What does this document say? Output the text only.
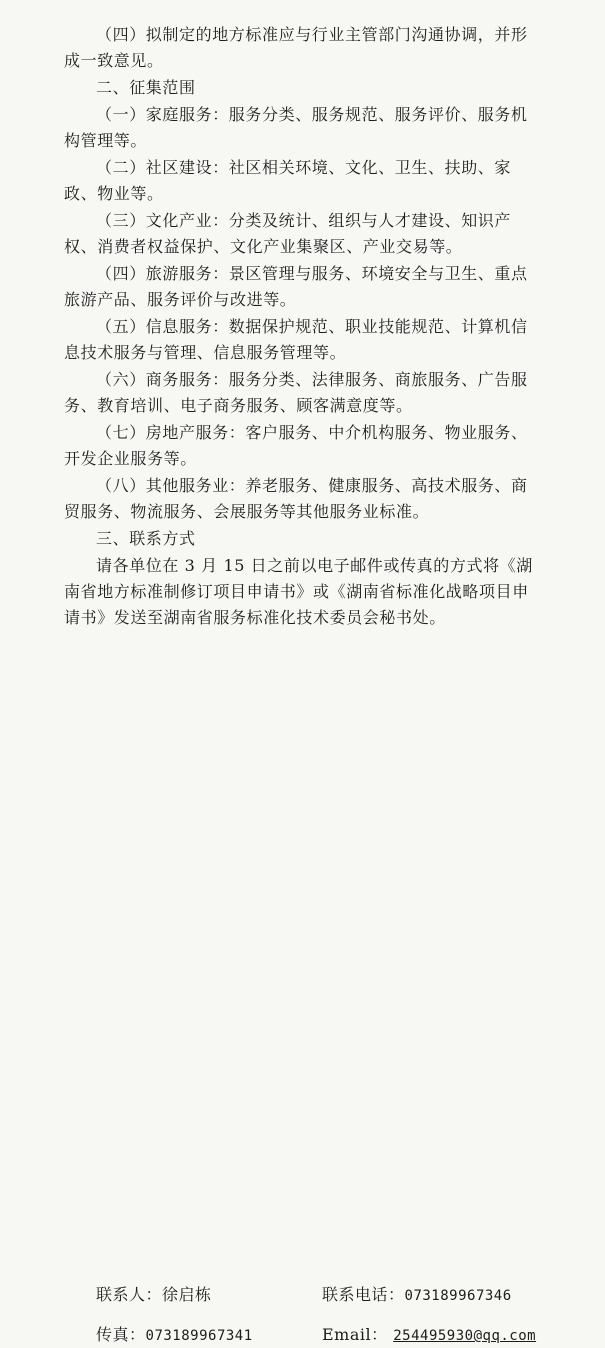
（四）拟制定的地方标准应与行业主管部门沟通协调，并形成一致意见。

二、征集范围

（一）家庭服务：服务分类、服务规范、服务评价、服务机构管理等。

（二）社区建设：社区相关环境、文化、卫生、扶助、家政、物业等。

（三）文化产业：分类及统计、组织与人才建设、知识产权、消费者权益保护、文化产业集聚区、产业交易等。

（四）旅游服务：景区管理与服务、环境安全与卫生、重点旅游产品、服务评价与改进等。

（五）信息服务：数据保护规范、职业技能规范、计算机信息技术服务与管理、信息服务管理等。

（六）商务服务：服务分类、法律服务、商旅服务、广告服务、教育培训、电子商务服务、顾客满意度等。

（七）房地产服务：客户服务、中介机构服务、物业服务、开发企业服务等。

（八）其他服务业：养老服务、健康服务、高技术服务、商贸服务、物流服务、会展服务等其他服务业标准。

三、联系方式

请各单位在 3 月 15 日之前以电子邮件或传真的方式将《湖南省地方标准制修订项目申请书》或《湖南省标准化战略项目申请书》发送至湖南省服务标准化技术委员会秘书处。

联系人：徐启栋	联系电话：073189967346
传真：073189967341	Email： 254495930@qq.com
